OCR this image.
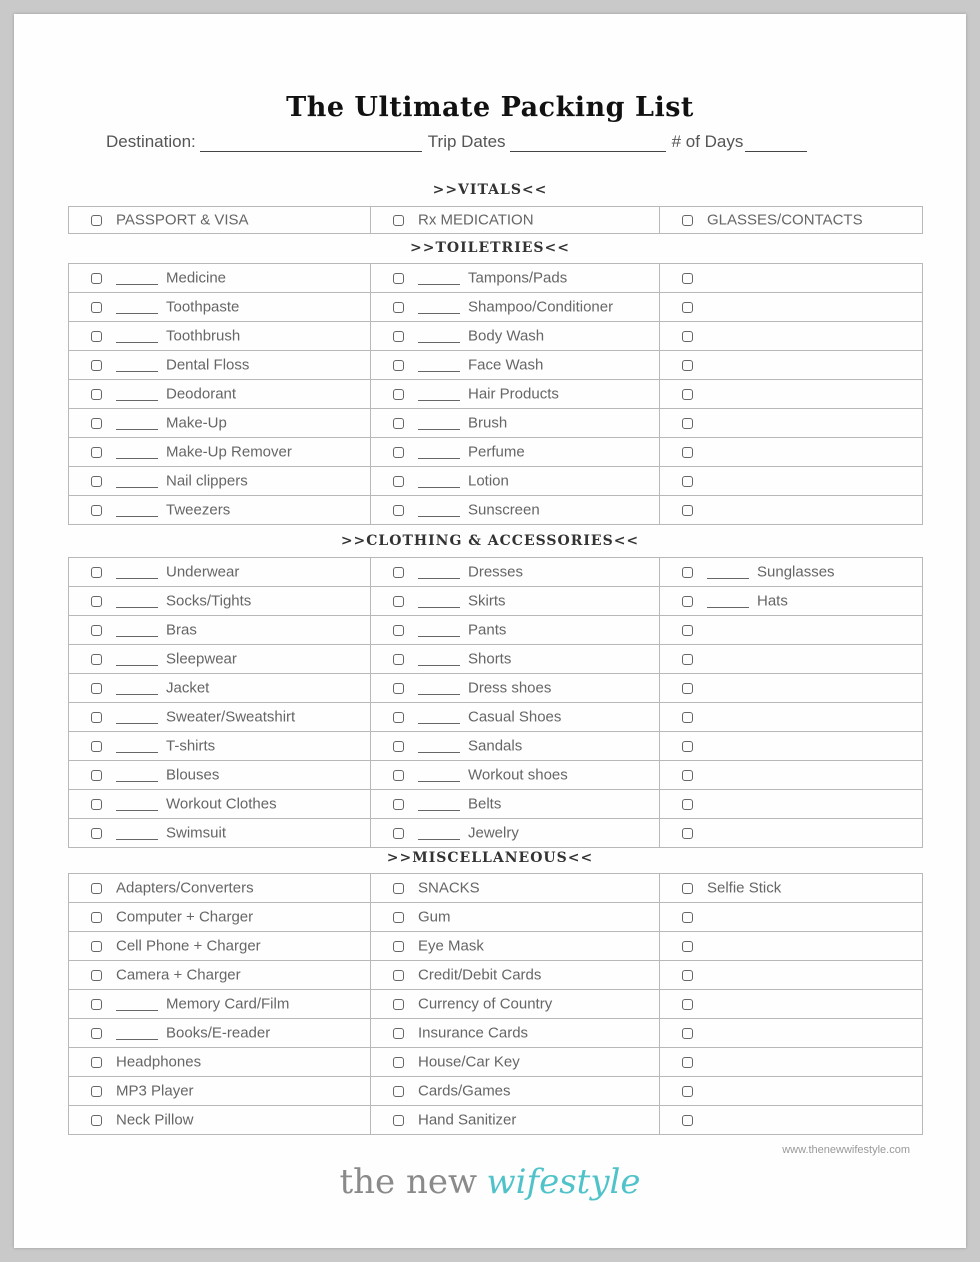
The Ultimate Packing List
Destination:	Trip Dates	# of Days
>>VITALS<<
PASSPORT & VISA	Rx MEDICATION	GLASSES/CONTACTS
>>TOILETRIES<<
Medicine	Tampons/Pads	
Toothpaste	Shampoo/Conditioner	
Toothbrush	Body Wash	
Dental Floss	Face Wash	
Deodorant	Hair Products	
Make-Up	Brush	
Make-Up Remover	Perfume	
Nail clippers	Lotion	
Tweezers	Sunscreen	
>>CLOTHING & ACCESSORIES<<
Underwear	Dresses	Sunglasses
Socks/Tights	Skirts	Hats
Bras	Pants	
Sleepwear	Shorts	
Jacket	Dress shoes	
Sweater/Sweatshirt	Casual Shoes	
T-shirts	Sandals	
Blouses	Workout shoes	
Workout Clothes	Belts	
Swimsuit	Jewelry	
>>MISCELLANEOUS<<
Adapters/Converters	SNACKS	Selfie Stick
Computer + Charger	Gum	
Cell Phone + Charger	Eye Mask	
Camera + Charger	Credit/Debit Cards	
Memory Card/Film	Currency of Country	
Books/E-reader	Insurance Cards	
Headphones	House/Car Key	
MP3 Player	Cards/Games	
Neck Pillow	Hand Sanitizer	
www.thenewwifestyle.com
the new wifestyle
